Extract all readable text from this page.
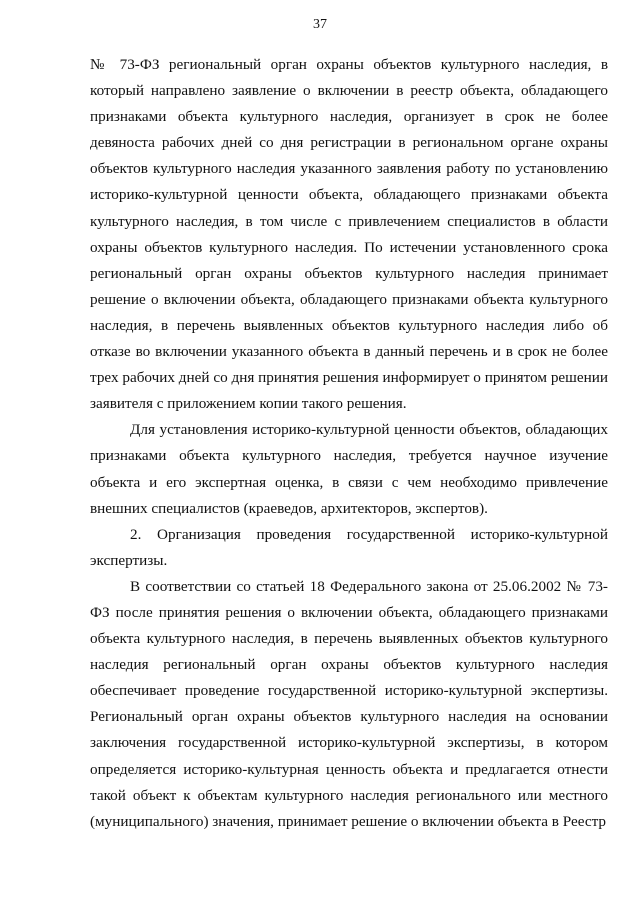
37

№ 73-ФЗ региональный орган охраны объектов культурного наследия, в который направлено заявление о включении в реестр объекта, обладающего признаками объекта культурного наследия, организует в срок не более девяноста рабочих дней со дня регистрации в региональном органе охраны объектов культурного наследия указанного заявления работу по установлению историко-культурной ценности объекта, обладающего признаками объекта культурного наследия, в том числе с привлечением специалистов в области охраны объектов культурного наследия. По истечении установленного срока региональный орган охраны объектов культурного наследия принимает решение о включении объекта, обладающего признаками объекта культурного наследия, в перечень выявленных объектов культурного наследия либо об отказе во включении указанного объекта в данный перечень и в срок не более трех рабочих дней со дня принятия решения информирует о принятом решении заявителя с приложением копии такого решения.

Для установления историко-культурной ценности объектов, обладающих признаками объекта культурного наследия, требуется научное изучение объекта и его экспертная оценка, в связи с чем необходимо привлечение внешних специалистов (краеведов, архитекторов, экспертов).

2. Организация проведения государственной историко-культурной экспертизы.

В соответствии со статьей 18 Федерального закона от 25.06.2002 № 73-ФЗ после принятия решения о включении объекта, обладающего признаками объекта культурного наследия, в перечень выявленных объектов культурного наследия региональный орган охраны объектов культурного наследия обеспечивает проведение государственной историко-культурной экспертизы. Региональный орган охраны объектов культурного наследия на основании заключения государственной историко-культурной экспертизы, в котором определяется историко-культурная ценность объекта и предлагается отнести такой объект к объектам культурного наследия регионального или местного (муниципального) значения, принимает решение о включении объекта в Реестр
